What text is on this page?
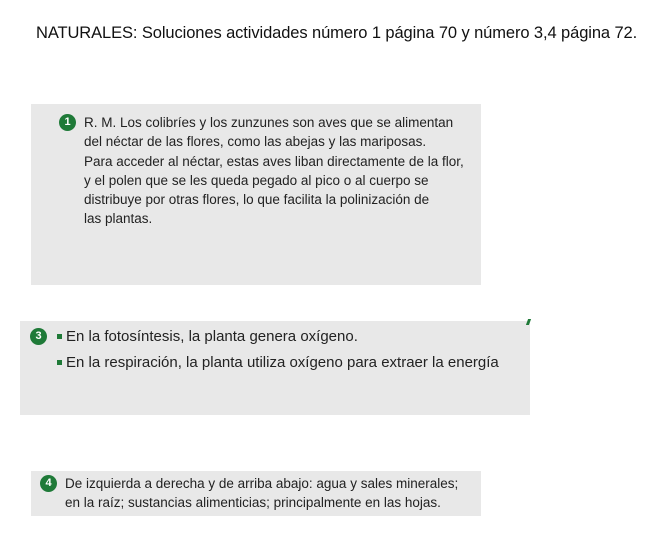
NATURALES: Soluciones actividades número 1 página 70 y número 3,4 página 72.
1 R. M. Los colibríes y los zunzunes son aves que se alimentan
del néctar de las flores, como las abejas y las mariposas.
Para acceder al néctar, estas aves liban directamente de la flor,
y el polen que se les queda pegado al pico o al cuerpo se
distribuye por otras flores, lo que facilita la polinización de
las plantas.
3	En la fotosíntesis, la planta genera oxígeno.
En la respiración, la planta utiliza oxígeno para extraer la energía
4 De izquierda a derecha y de arriba abajo: agua y sales minerales;
en la raíz; sustancias alimenticias; principalmente en las hojas.
